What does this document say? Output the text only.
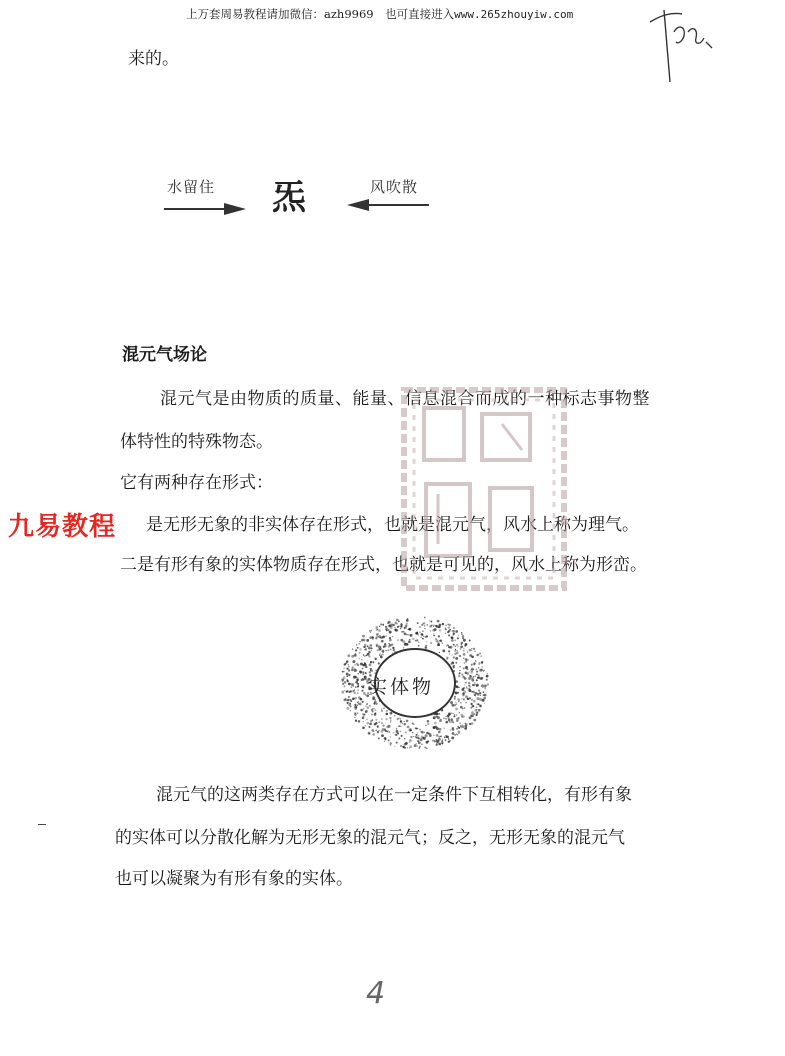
上万套周易教程请加微信：azh9969　也可直接进入www.265zhouyiw.com
来的。
水留住 炁	风吹散
混元气场论
混元气是由物质的质量、能量、信息混合而成的一种标志事物整
体特性的特殊物态。
它有两种存在形式：
是无形无象的非实体存在形式，也就是混元气，风水上称为理气。
二是有形有象的实体物质存在形式，也就是可见的，风水上称为形峦。
九易教程
实体物
混元气的这两类存在方式可以在一定条件下互相转化，有形有象
的实体可以分散化解为无形无象的混元气；反之，无形无象的混元气
也可以凝聚为有形有象的实体。
4
